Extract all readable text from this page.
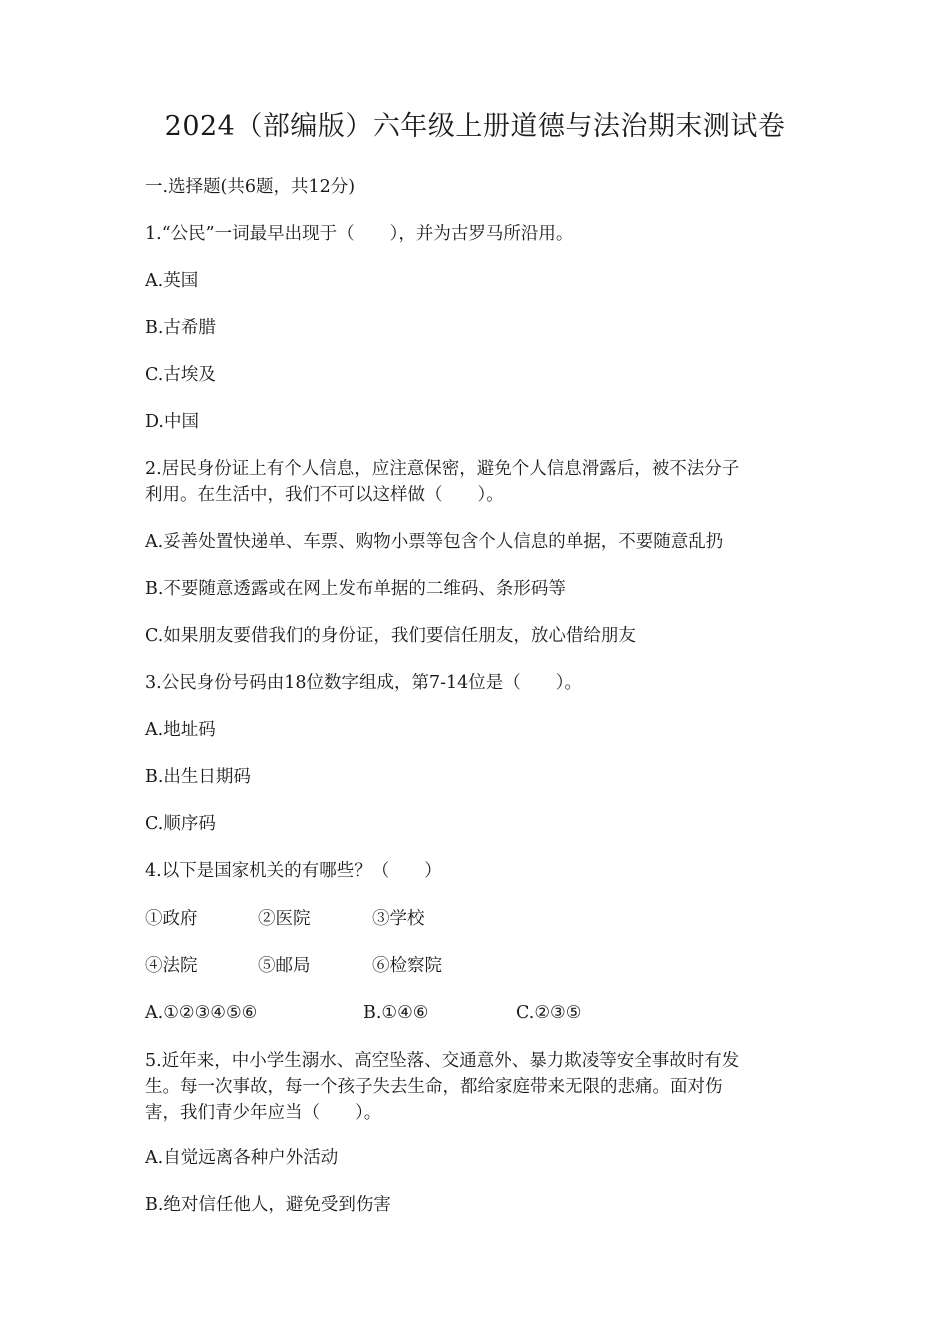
2024（部编版）六年级上册道德与法治期末测试卷
一.选择题(共6题，共12分)
1.“公民”一词最早出现于（　　），并为古罗马所沿用。
A.英国
B.古希腊
C.古埃及
D.中国
2.居民身份证上有个人信息，应注意保密，避免个人信息滑露后，被不法分子
利用。在生活中，我们不可以这样做（　　）。
A.妥善处置快递单、车票、购物小票等包含个人信息的单据，不要随意乱扔
B.不要随意透露或在网上发布单据的二维码、条形码等
C.如果朋友要借我们的身份证，我们要信任朋友，放心借给朋友
3.公民身份号码由18位数字组成，第7-14位是（　　）。
A.地址码
B.出生日期码
C.顺序码
4.以下是国家机关的有哪些？（　　）
①政府	②医院	③学校
④法院	⑤邮局	⑥检察院
A.①②③④⑤⑥	B.①④⑥	C.②③⑤
5.近年来，中小学生溺水、高空坠落、交通意外、暴力欺凌等安全事故时有发
生。每一次事故，每一个孩子失去生命，都给家庭带来无限的悲痛。面对伤
害，我们青少年应当（　　）。
A.自觉远离各种户外活动
B.绝对信任他人，避免受到伤害
